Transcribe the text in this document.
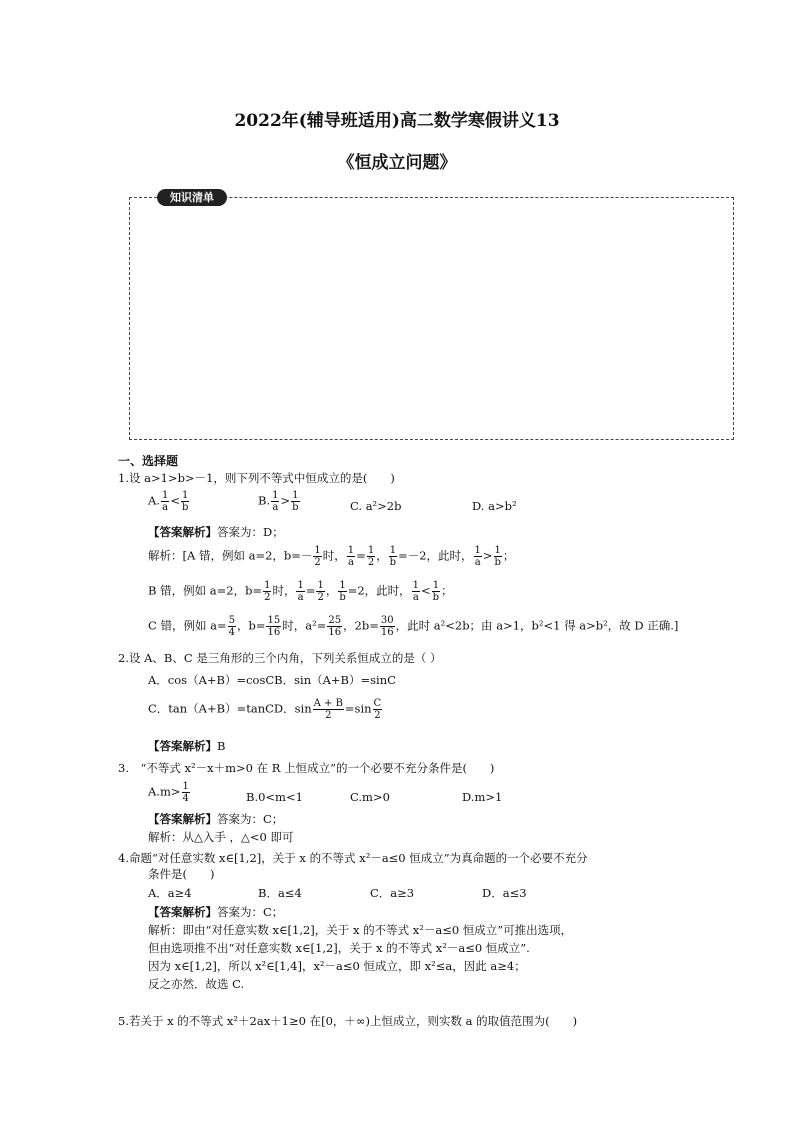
2022年(辅导班适用)高二数学寒假讲义13
《恒成立问题》
知识清单
一、选择题
1.设 a>1>b>－1，则下列不等式中恒成立的是(　　)
A. $\frac{1}{a} < \frac{1}{b}$	B. $\frac{1}{a} > \frac{1}{b}$	C. a²>2b	D. a>b²
【答案解析】答案为：D；
解析：[A 错，例如 a=2，$b=- \frac{1}{2}$ 时， $\frac{1}{a} = \frac{1}{2}$ ， $\frac{1}{b} =-2$，此时， $\frac{1}{a} > \frac{1}{b}$ ；
B 错，例如 a=2，$b= \frac{1}{2}$ 时， $\frac{1}{a} = \frac{1}{2}$ ， $\frac{1}{b} =2$，此时， $\frac{1}{a} < \frac{1}{b}$ ；
C 错，例如 $a= \frac{5}{4}$ ，$b= \frac{15}{16}$ 时，$a^2= \frac{25}{16}$ ，$2b= \frac{30}{16}$ ，此时 a²<2b；由 a>1，b²<1 得 a>b²，故 D 正确.]
2.设 A、B、C 是三角形的三个内角，下列关系恒成立的是（ ）
A．cos（A+B）=cosCB．sin（A+B）=sinC
C．tan（A+B）=tanCD．$\sin \frac{A + B}{2} =\sin \frac{C}{2}$
【答案解析】B
3.　“不等式 x²－x＋m>0 在 R 上恒成立”的一个必要不充分条件是(　　)
$A.m> \frac{1}{4}$	B.0<m<1	C.m>0	D.m>1
【答案解析】答案为：C；
解析：从△入手 ，△<0 即可
4.命题“对任意实数 x∈[1,2]，关于 x 的不等式 x²－a≤0 恒成立”为真命题的一个必要不充分
条件是(　　)
A．a≥4	B．a≤4	C．a≥3	D．a≤3
【答案解析】答案为：C；
解析：即由“对任意实数 x∈[1,2]，关于 x 的不等式 x²－a≤0 恒成立”可推出选项，
但由选项推不出“对任意实数 x∈[1,2]，关于 x 的不等式 x²－a≤0 恒成立”.
因为 x∈[1,2]，所以 x²∈[1,4]，x²－a≤0 恒成立，即 x²≤a，因此 a≥4；
反之亦然．故选 C.
5.若关于 x 的不等式 x²＋2ax＋1≥0 在[0，＋∞)上恒成立，则实数 a 的取值范围为(　　)
